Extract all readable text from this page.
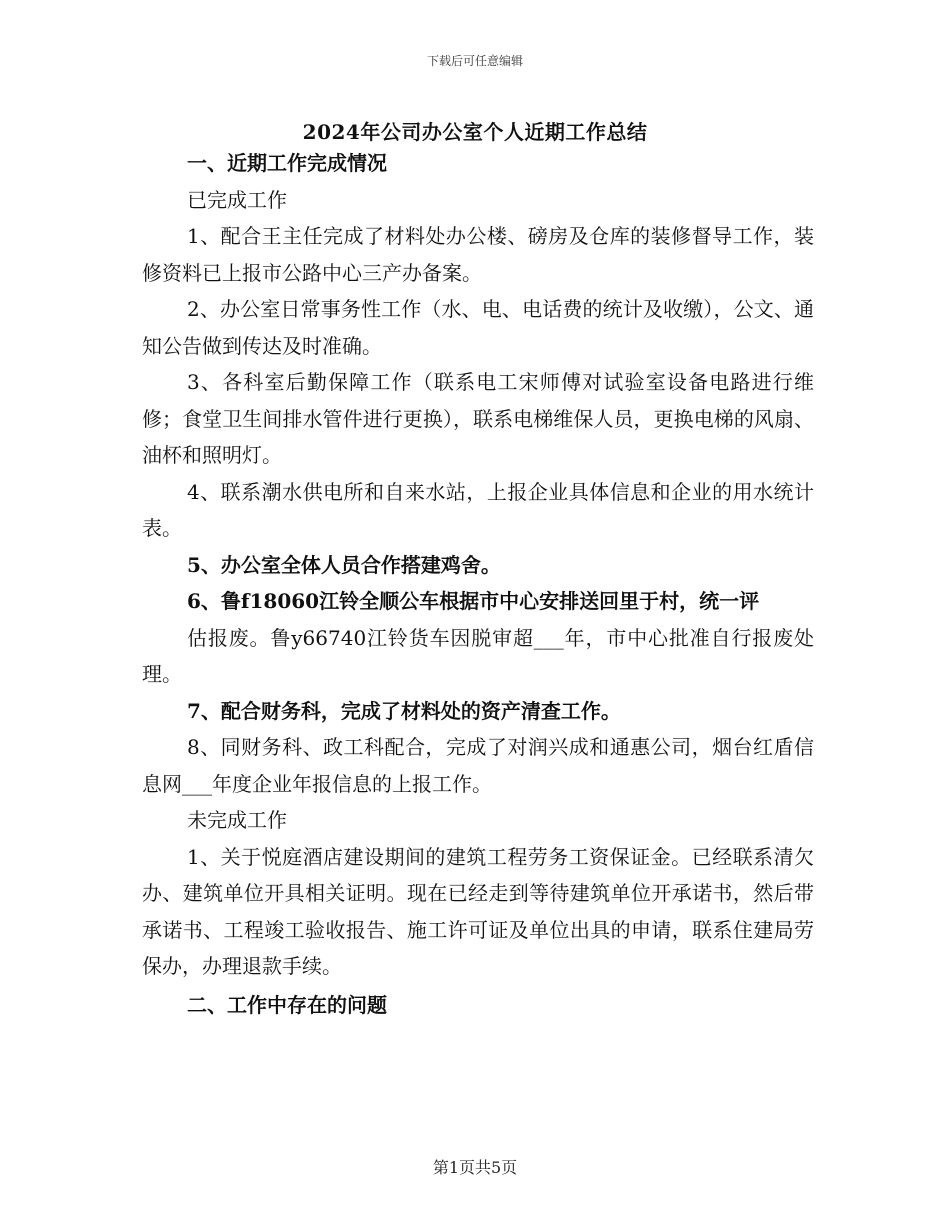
下载后可任意编辑
2024年公司办公室个人近期工作总结

一、近期工作完成情况

已完成工作

1、配合王主任完成了材料处办公楼、磅房及仓库的装修督导工作，装修资料已上报市公路中心三产办备案。

2、办公室日常事务性工作（水、电、电话费的统计及收缴），公文、通知公告做到传达及时准确。

3、各科室后勤保障工作（联系电工宋师傅对试验室设备电路进行维修；食堂卫生间排水管件进行更换），联系电梯维保人员，更换电梯的风扇、油杯和照明灯。

4、联系潮水供电所和自来水站，上报企业具体信息和企业的用水统计表。

5、办公室全体人员合作搭建鸡舍。

6、鲁f18060江铃全顺公车根据市中心安排送回里于村，统一评

估报废。鲁y66740江铃货车因脱审超___年，市中心批准自行报废处理。

7、配合财务科，完成了材料处的资产清查工作。

8、同财务科、政工科配合，完成了对润兴成和通惠公司，烟台红盾信息网___年度企业年报信息的上报工作。

未完成工作

1、关于悦庭酒店建设期间的建筑工程劳务工资保证金。已经联系清欠办、建筑单位开具相关证明。现在已经走到等待建筑单位开承诺书，然后带承诺书、工程竣工验收报告、施工许可证及单位出具的申请，联系住建局劳保办，办理退款手续。

二、工作中存在的问题

第1页共5页
